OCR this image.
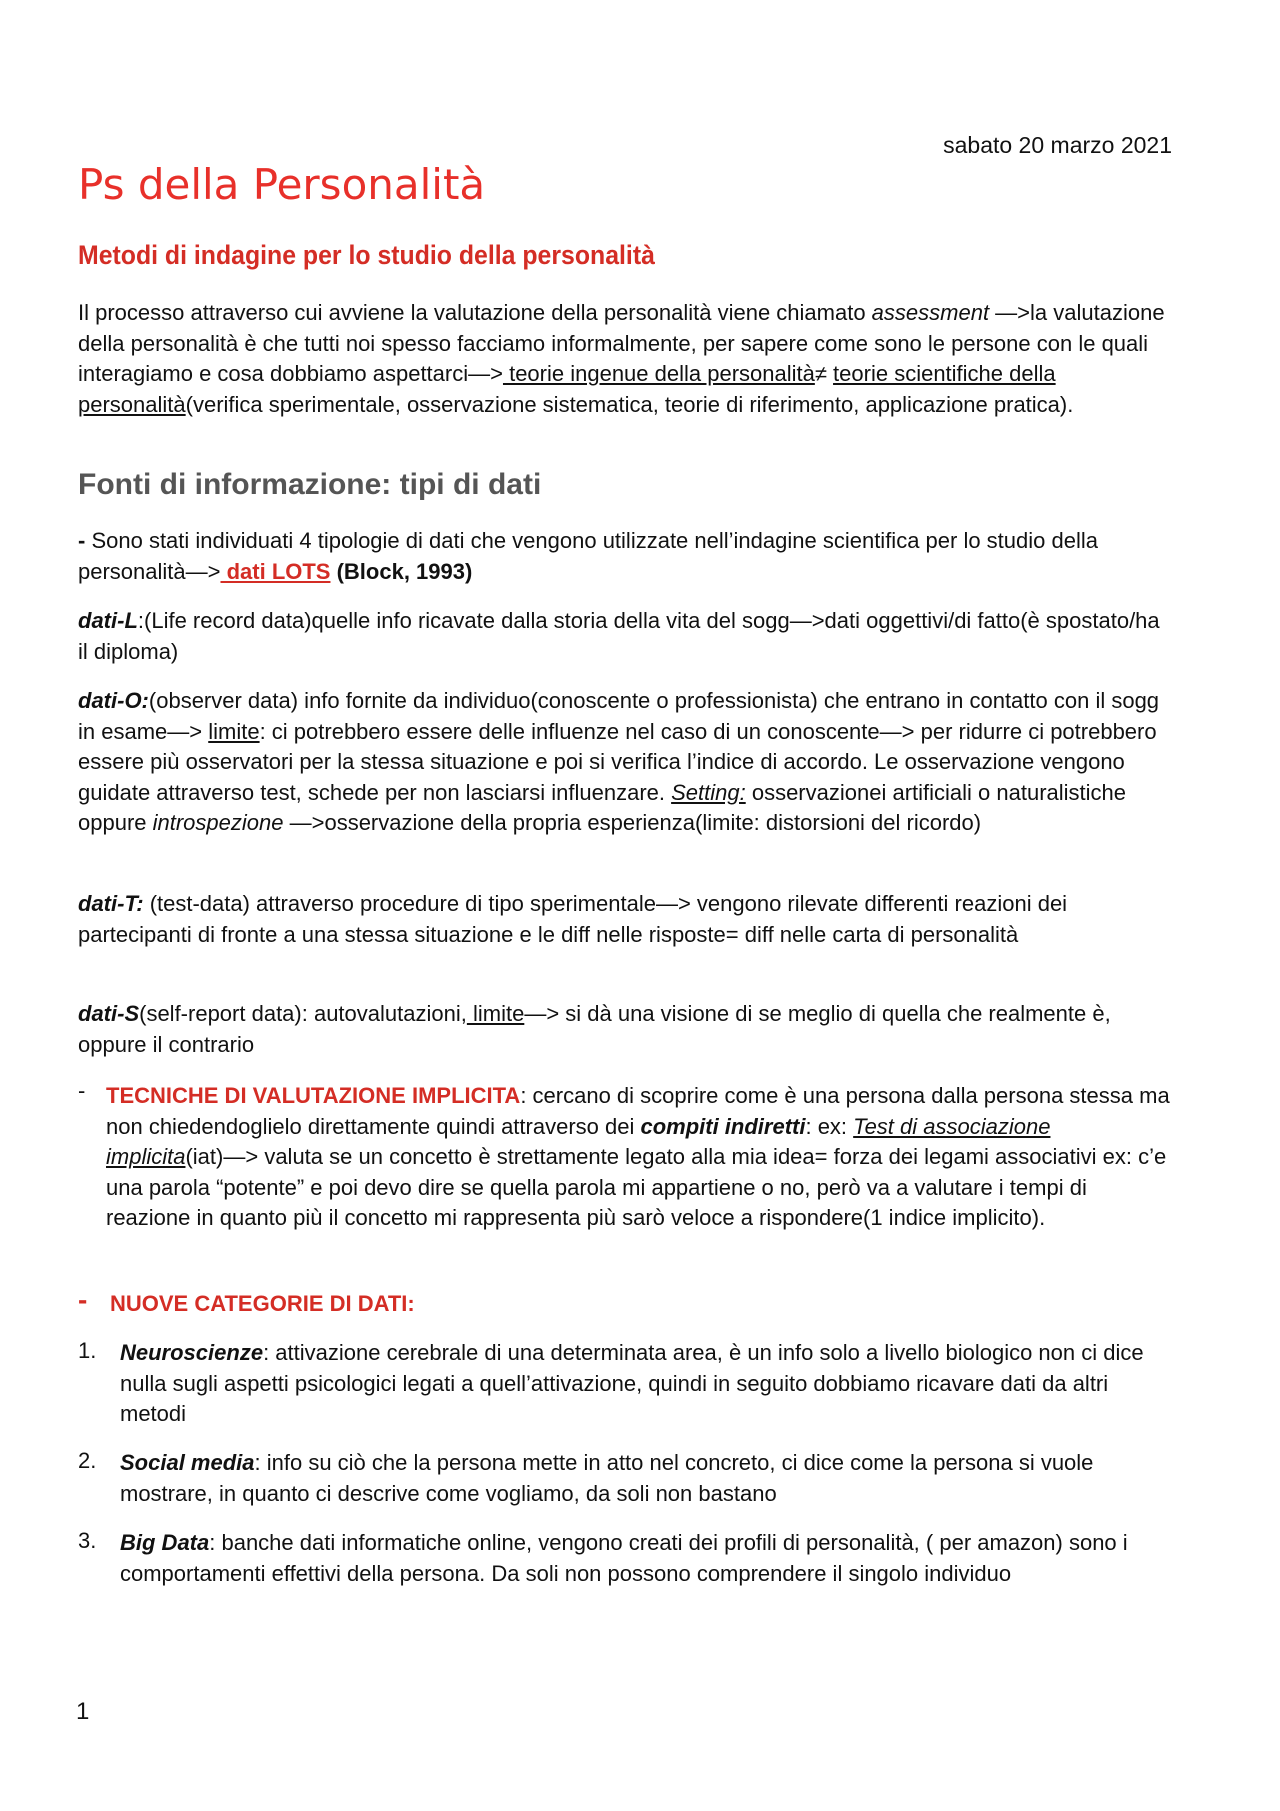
sabato 20 marzo 2021
Ps della Personalità
Metodi di indagine per lo studio della personalità
Il processo attraverso cui avviene la valutazione della personalità viene chiamato assessment —>la valutazione della personalità è che tutti noi spesso facciamo informalmente, per sapere come sono le persone con le quali interagiamo e cosa dobbiamo aspettarci—> teorie ingenue della personalità≠ teorie scientifiche della personalità(verifica sperimentale, osservazione sistematica, teorie di riferimento, applicazione pratica).
Fonti di informazione: tipi di dati
- Sono stati individuati 4 tipologie di dati che vengono utilizzate nell’indagine scientifica per lo studio della personalità—> dati LOTS (Block, 1993)
dati-L:(Life record data)quelle info ricavate dalla storia della vita del sogg—>dati oggettivi/di fatto(è spostato/ha il diploma)
dati-O:(observer data) info fornite da individuo(conoscente o professionista) che entrano in contatto con il sogg in esame—> limite: ci potrebbero essere delle influenze nel caso di un conoscente—> per ridurre ci potrebbero essere più osservatori per la stessa situazione e poi si verifica l’indice di accordo. Le osservazione vengono guidate attraverso test, schede per non lasciarsi influenzare. Setting: osservazionei artificiali o naturalistiche oppure introspezione —>osservazione della propria esperienza(limite: distorsioni del ricordo)
dati-T: (test-data) attraverso procedure di tipo sperimentale—> vengono rilevate differenti reazioni dei partecipanti di fronte a una stessa situazione e le diff nelle risposte= diff nelle carta di personalità
dati-S(self-report data): autovalutazioni, limite—> si dà una visione di se meglio di quella che realmente è, oppure il contrario
- TECNICHE DI VALUTAZIONE IMPLICITA: cercano di scoprire come è una persona dalla persona stessa ma non chiedendoglielo direttamente quindi attraverso dei compiti indiretti: ex: Test di associazione implicita(iat)—> valuta se un concetto è strettamente legato alla mia idea= forza dei legami associativi ex: c’e una parola “potente” e poi devo dire se quella parola mi appartiene o no, però va a valutare i tempi di reazione in quanto più il concetto mi rappresenta più sarò veloce a rispondere(1 indice implicito).
- NUOVE CATEGORIE DI DATI:
1. Neuroscienze: attivazione cerebrale di una determinata area, è un info solo a livello biologico non ci dice nulla sugli aspetti psicologici legati a quell’attivazione, quindi in seguito dobbiamo ricavare dati da altri metodi
2. Social media: info su ciò che la persona mette in atto nel concreto, ci dice come la persona si vuole mostrare, in quanto ci descrive come vogliamo, da soli non bastano
3. Big Data: banche dati informatiche online, vengono creati dei profili di personalità, ( per amazon) sono i comportamenti effettivi della persona. Da soli non possono comprendere il singolo individuo
1
